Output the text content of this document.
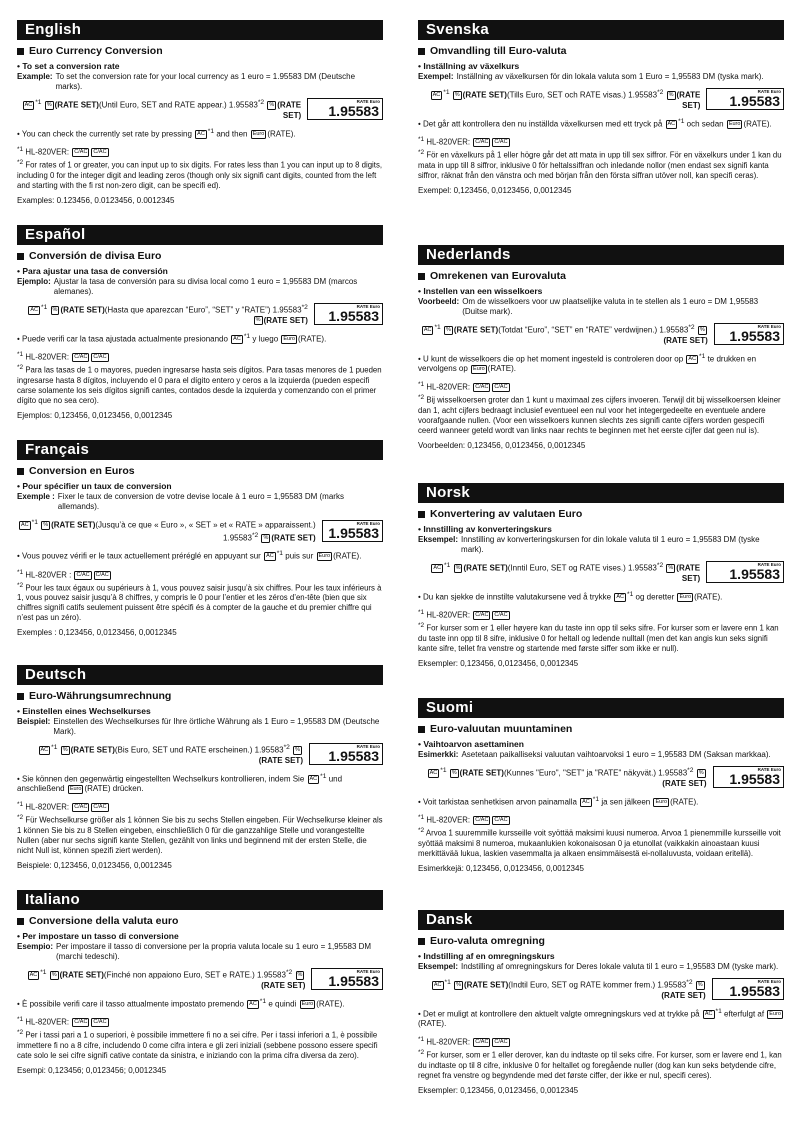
English
Euro Currency Conversion
• To set a conversion rate
Example: To set the conversion rate for your local currency as 1 euro = 1.95583 DM (Deutsche marks).
AC $^{*1}$ % (RATE SET)(Until Euro, SET and RATE appear.) 1.95583$^{*2}$ % (RATE SET)
RATE Euro
1.95583
• You can check the currently set rate by pressing AC $^{*1}$ and then Euro (RATE).
$^{*1}$ HL-820VER: C/AC C/AC
$^{*2}$ For rates of 1 or greater, you can input up to six digits. For rates less than 1 you can input up to 8 digits, including 0 for the integer digit and leading zeros (though only six signifi cant digits, counted from the left and starting with the fi rst non-zero digit, can be specifi ed).
Examples: 0.123456, 0.0123456, 0.0012345
Español
Conversión de divisa Euro
• Para ajustar una tasa de conversión
Ejemplo: Ajustar la tasa de conversión para su divisa local como 1 euro = 1,95583 DM (marcos alemanes).
AC $^{*1}$ % (RATE SET)(Hasta que aparezcan “Euro”, “SET” y “RATE”) 1.95583$^{*2}$ % (RATE SET)
RATE Euro
1.95583
• Puede verifi car la tasa ajustada actualmente presionando AC $^{*1}$ y luego Euro (RATE).
$^{*1}$ HL-820VER: C/AC C/AC
$^{*2}$ Para las tasas de 1 o mayores, pueden ingresarse hasta seis dígitos. Para tasas menores de 1 pueden ingresarse hasta 8 dígitos, incluyendo el 0 para el dígito entero y ceros a la izquierda (pueden especifi carse solamente los seis dígitos signifi cantes, contados desde la izquierda y comenzando con el primer dígito que no sea cero).
Ejemplos: 0,123456, 0,0123456, 0,0012345
Français
Conversion en Euros
• Pour spécifier un taux de conversion
Exemple : Fixer le taux de conversion de votre devise locale à 1 euro = 1,95583 DM (marks allemands).
AC $^{*1}$ % (RATE SET)(Jusqu’à ce que « Euro », « SET » et « RATE » apparaissent.) 1.95583$^{*2}$ % (RATE SET)
RATE Euro
1.95583
• Vous pouvez vérifi er le taux actuellement préréglé en appuyant sur AC $^{*1}$ puis sur Euro (RATE).
$^{*1}$ HL-820VER : C/AC C/AC
$^{*2}$ Pour les taux égaux ou supérieurs à 1, vous pouvez saisir jusqu’à six chiffres. Pour les taux inférieurs à 1, vous pouvez saisir jusqu’à 8 chiffres, y compris le 0 pour l’entier et les zéros d’en-tête (bien que six chiffres signifi catifs seulement puissent être spécifi és à compter de la gauche et du premier chiffre qui n’est pas un zéro).
Exemples : 0,123456, 0,0123456, 0,0012345
Deutsch
Euro-Währungsumrechnung
• Einstellen eines Wechselkurses
Beispiel: Einstellen des Wechselkurses für Ihre örtliche Währung als 1 Euro = 1,95583 DM (Deutsche Mark).
AC $^{*1}$ % (RATE SET)(Bis Euro, SET und RATE erscheinen.) 1.95583$^{*2}$ %(RATE SET)
RATE Euro
1.95583
• Sie können den gegenwärtig eingestellten Wechselkurs kontrollieren, indem Sie AC $^{*1}$ und anschließend Euro (RATE) drücken.
$^{*1}$ HL-820VER: C/AC C/AC
$^{*2}$ Für Wechselkurse größer als 1 können Sie bis zu sechs Stellen eingeben. Für Wechselkurse kleiner als 1 können Sie bis zu 8 Stellen eingeben, einschließlich 0 für die ganzzahlige Stelle und vorangestellte Nullen (aber nur sechs signifi kante Stellen, gezählt von links und beginnend mit der ersten Stelle, die nicht Null ist, können spezifi ziert werden).
Beispiele: 0,123456, 0,0123456, 0,0012345
Italiano
Conversione della valuta euro
• Per impostare un tasso di conversione
Esempio: Per impostare il tasso di conversione per la propria valuta locale su 1 euro = 1,95583 DM (marchi tedeschi).
AC $^{*1}$ % (RATE SET)(Finché non appaiono Euro, SET e RATE.) 1.95583$^{*2}$ %(RATE SET)
RATE Euro
1.95583
• È possibile verifi care il tasso attualmente impostato premendo AC $^{*1}$ e quindi Euro (RATE).
$^{*1}$ HL-820VER: C/AC C/AC
$^{*2}$ Per i tassi pari a 1 o superiori, è possibile immettere fi no a sei cifre. Per i tassi inferiori a 1, è possibile immettere fi no a 8 cifre, includendo 0 come cifra intera e gli zeri iniziali (sebbene possono essere specifi cate solo le sei cifre signifi cative contate da sinistra, e iniziando con la prima cifra diversa da zero).
Esempi: 0,123456; 0,0123456; 0,0012345
Svenska
Omvandling till Euro-valuta
• Inställning av växelkurs
Exempel: Inställning av växelkursen för din lokala valuta som 1 Euro = 1,95583 DM (tyska mark).
AC $^{*1}$ % (RATE SET)(Tills Euro, SET och RATE visas.) 1.95583$^{*2}$ % (RATE SET)
RATE Euro
1.95583
• Det går att kontrollera den nu inställda växelkursen med ett tryck på AC $^{*1}$ och sedan Euro (RATE).
$^{*1}$ HL-820VER: C/AC C/AC
$^{*2}$ För en växelkurs på 1 eller högre går det att mata in upp till sex siffror. För en växelkurs under 1 kan du mata in upp till 8 siffror, inklusive 0 för heltalssiffran och inledande nollor (men endast sex signifi kanta siffror, räknat från den vänstra och med början från den första siffran utöver noll, kan specifi ceras).
Exempel: 0,123456, 0,0123456, 0,0012345
Nederlands
Omrekenen van Eurovaluta
• Instellen van een wisselkoers
Voorbeeld: Om de wisselkoers voor uw plaatselijke valuta in te stellen als 1 euro = DM 1,95583 (Duitse mark).
AC $^{*1}$ % (RATE SET)(Totdat “Euro”, “SET” en “RATE” verdwijnen.) 1.95583$^{*2}$ %(RATE SET)
RATE Euro
1.95583
• U kunt de wisselkoers die op het moment ingesteld is controleren door op AC $^{*1}$ te drukken en vervolgens op Euro (RATE).
$^{*1}$ HL-820VER: C/AC C/AC
$^{*2}$ Bij wisselkoersen groter dan 1 kunt u maximaal zes cijfers invoeren. Terwijl dit bij wisselkoersen kleiner dan 1, acht cijfers bedraagt inclusief eventueel een nul voor het integergedeelte en eventuele andere voorafgaande nullen. (Voor een wisselkoers kunnen slechts zes signifi cante cijfers worden gespecifi ceerd wanneer geteld wordt van links naar rechts te beginnen met het eerste cijfer dat geen nul is).
Voorbeelden: 0,123456, 0,0123456, 0,0012345
Norsk
Konvertering av valutaen Euro
• Innstilling av konverteringskurs
Eksempel: Innstilling av konverteringskursen for din lokale valuta til 1 euro = 1,95583 DM (tyske mark).
AC $^{*1}$ % (RATE SET)(Inntil Euro, SET og RATE vises.) 1.95583$^{*2}$ % (RATE SET)
RATE Euro
1.95583
• Du kan sjekke de innstilte valutakursene ved å trykke AC $^{*1}$ og deretter Euro (RATE).
$^{*1}$ HL-820VER: C/AC C/AC
$^{*2}$ For kurser som er 1 eller høyere kan du taste inn opp til seks sifre. For kurser som er lavere enn 1 kan du taste inn opp til 8 sifre, inklusive 0 for heltall og ledende nulltall (men det kan angis kun seks signifi kante sifre, tellet fra venstre og startende med første siffer som ikke er null).
Eksempler: 0,123456, 0,0123456, 0,0012345
Suomi
Euro-valuutan muuntaminen
• Vaihtoarvon asettaminen
Esimerkki: Asetetaan paikalliseksi valuutan vaihtoarvoksi 1 euro = 1,95583 DM (Saksan markkaa).
AC $^{*1}$ % (RATE SET)(Kunnes "Euro", "SET" ja "RATE" näkyvät.) 1.95583$^{*2}$ %(RATE SET)
RATE Euro
1.95583
• Voit tarkistaa senhetkisen arvon painamalla AC $^{*1}$ ja sen jälkeen Euro (RATE).
$^{*1}$ HL-820VER: C/AC C/AC
$^{*2}$ Arvoa 1 suuremmille kursseille voit syöttää maksimi kuusi numeroa. Arvoa 1 pienemmille kursseille voit syöttää maksimi 8 numeroa, mukaanlukien kokonaisosan 0 ja etunollat (vaikkakin ainoastaan kuusi merkittävää lukua, laskien vasemmalta ja alkaen ensimmäisestä ei-nollaluvusta, voidaan eritellä).
Esimerkkejä: 0,123456, 0,0123456, 0,0012345
Dansk
Euro-valuta omregning
• Indstilling af en omregningskurs
Eksempel: Indstilling af omregningskurs for Deres lokale valuta til 1 euro = 1,95583 DM (tyske mark).
AC $^{*1}$ % (RATE SET)(Indtil Euro, SET og RATE kommer frem.) 1.95583$^{*2}$ %(RATE SET)
RATE Euro
1.95583
• Det er muligt at kontrollere den aktuelt valgte omregningskurs ved at trykke på AC $^{*1}$ efterfulgt af Euro(RATE).
$^{*1}$ HL-820VER: C/AC C/AC
$^{*2}$ For kurser, som er 1 eller derover, kan du indtaste op til seks cifre. For kurser, som er lavere end 1, kan du indtaste op til 8 cifre, inklusive 0 for heltallet og foregående nuller (dog kan kun seks betydende cifre, regnet fra venstre og begyndende med det første ciffer, der ikke er nul, specifi ceres).
Eksempler: 0,123456, 0,0123456, 0,0012345
